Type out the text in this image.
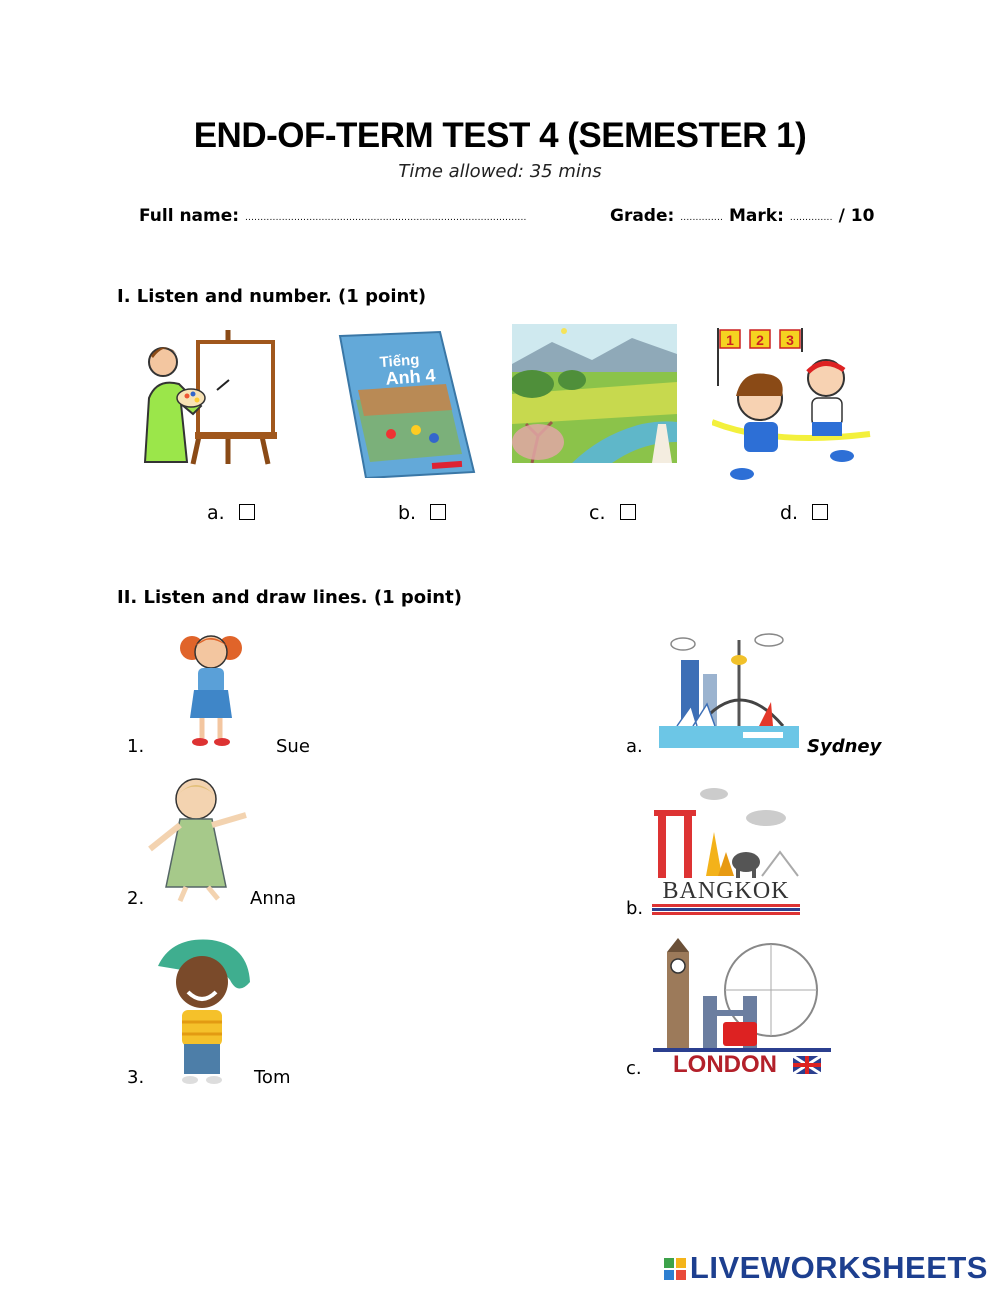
END-OF-TERM TEST 4 (SEMESTER 1)
Time allowed: 35 mins
Full name: ............................................................................................	Grade: .............. Mark: .............. / 10
I. Listen and number. (1 point)
Tiếng
Anh 4
1 2 3
a.	b.	c.	d.
II. Listen and draw lines. (1 point)
1.	Sue
2.	Anna
3.	Tom
a.	Sydney
BANGKOK
b.
LONDON
c.
LIVEWORKSHEETS
